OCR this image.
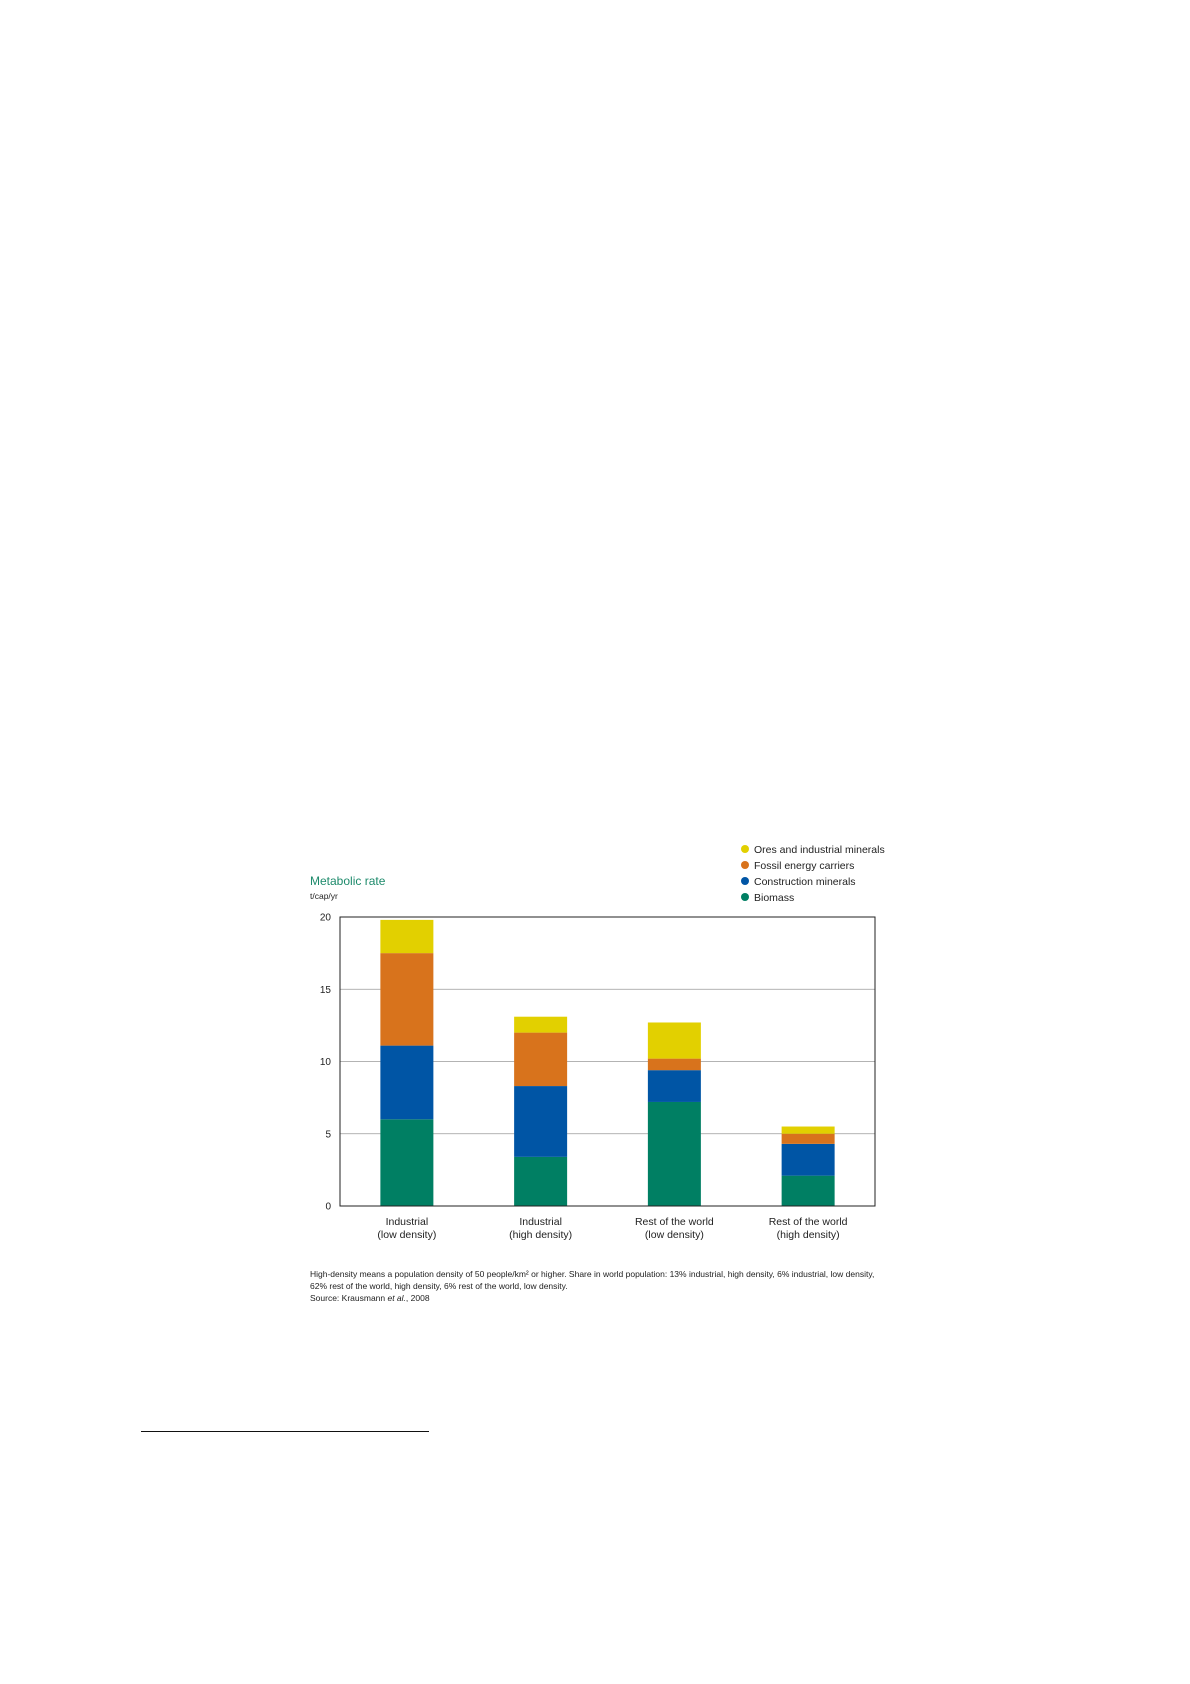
Metabolic rate
t/cap/yr
0
5
10
15
20
Industrial
(low density)
Industrial
(high density)
Rest of the world
(low density)
Rest of the world
(high density)
Ores and industrial minerals
Fossil energy carriers
Construction minerals
Biomass
High-density means a population density of 50 people/km² or higher. Share in world population: 13% industrial, high density, 6% industrial, low density,
62% rest of the world, high density, 6% rest of the world, low density.
Source: Krausmann et al., 2008
